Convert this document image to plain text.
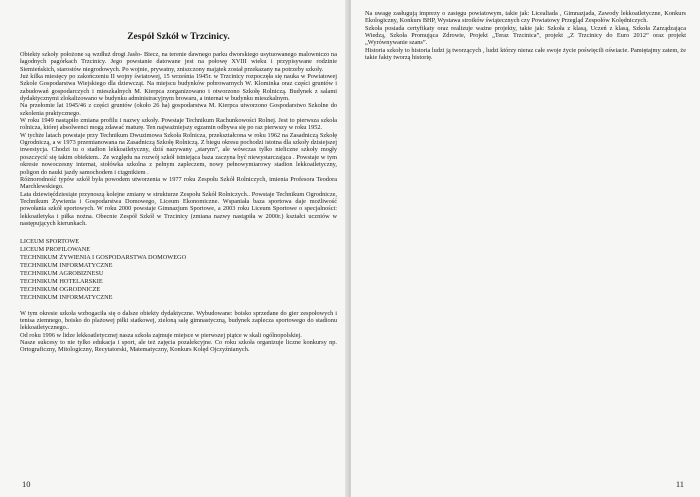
Zespół Szkół w Trzcinicy.

Obiekty szkoły położone są wzdłuż drogi Jasło- Biecz, na terenie dawnego parku dworskiego usytuowanego malowniczo na łagodnych pagórkach Trzcinicy. Jego powstanie datowane jest na połowę XVIII wieku i przypisywane rodzinie Siemieńskich, starostów niegrodowych. Po wojnie, prywatny, zniszczony majątek został przekazany na potrzeby szkoły.

Już kilka miesięcy po zakończeniu II wojny światowej, 15 września 1945r. w Trzcinicy rozpoczęła się nauka w Powiatowej Szkole Gospodarstwa Wiejskiego dla dziewcząt. Na miejscu budynków pobrowarnych W. Klominka oraz części gruntów i zabudowań gospodarczych i mieszkalnych M. Kierpca zorganizowano i otworzono Szkołę Rolniczą. Budynek z salami dydaktycznymi zlokalizowano w budynku administracyjnym browaru, a internat w budynku mieszkalnym.

Na przełomie lat 1945/46 z części gruntów (około 26 ha) gospodarstwa M. Kierpca utworzono Gospodarstwo Szkolne do szkolenia praktycznego.

W roku 1949 nastąpiło zmiana profilu i nazwy szkoły. Powstaje Technikum Rachunkowości Rolnej. Jest to pierwsza szkoła rolnicza, której absolwenci mogą zdawać maturę. Ten najważniejszy egzamin odbywa się po raz pierwszy w roku 1952.

W tychże latach powstaje przy Technikum Dwuzimowa Szkoła Rolnicza, przekształcona w roku 1962 na Zasadniczą Szkołę Ogrodniczą, a w 1973 przemianowana na Zasadniczą Szkołę Rolniczą. Z biegu okresu pochodzi istotna dla szkoły dzisiejszej inwestycja. Chodzi tu o stadion lekkoatletyczny, dziś nazywany „starym”, ale wówczas tylko nieliczne szkoły mogły poszczycić się takim obiektem.. Ze względu na rozwój szkół istniejąca baza zaczyna być niewystarczająca . Powstaje w tym okresie nowoczesny internat, stołówka szkolna z pełnym zapleczem, nowy pełnowymiarowy stadion lekkoatletyczny, poligon do nauki jazdy samochodem i ciągnikiem .

Różnorodność typów szkół była powodem utworzenia w 1977 roku Zespołu Szkół Rolniczych, imienia Profesora Teodora Marchlewskiego.

Lata dziewięćdziesiąte przynoszą kolejne zmiany w strukturze Zespołu Szkół Rolniczych.. Powstaje Technikum Ogrodnicze, Technikum Żywienia i Gospodarstwa Domowego, Liceum Ekonomiczne. Wspaniała baza sportowa daje możliwość powołania szkół sportowych. W roku 2000 powstaje Gimnazjum Sportowe, a 2003 roku Liceum Sportowe o specjalności: lekkoatletyka i piłka nożna. Obecnie Zespół Szkół w Trzcinicy (zmiana nazwy nastąpiła w 2000r.) kształci uczniów w następujących kierunkach.

LICEUM SPORTOWE
LICEUM PROFILOWANE
TECHNIKUM ŻYWIENIA I GOSPODARSTWA DOMOWEGO
TECHNIKUM INFORMATYCZNE
TECHNIKUM AGROBIZNESU
TECHNIKUM HOTELARSKIE
TECHNIKUM OGRODNICZE
TECHNIKUM INFORMATYCZNE

W tym okresie szkoła wzbogaciła się o dalsze obiekty dydaktyczne. Wybudowane: boisko sprzedane do gier zespołowych i tenisa ziemnego, boisko do plażowej piłki siatkowej, zieloną salę gimnastyczną, budynek zaplecza sportowego do stadionu lekkoatletycznego..

Od roku 1996 w lidze lekkoatletycznej nasza szkoła zajmuje miejsce w pierwszej piątce w skali ogólnopolskiej.

Nasze sukcesy to nie tylko edukacja i sport, ale też zajęcia pozalekcyjne. Co roku szkoła organizuje liczne konkursy np. Ortograficzny, Mitologiczny, Recytatorski, Matematyczny, Konkurs Kolęd Ojczyźnianych.

10

Na uwagę zasługują imprezy o zasięgu powiatowym, takie jak: Licealiada , Gimnazjada, Zawody lekkoatletyczne, Konkurs Ekologiczny, Konkurs BHP, Wystawa stroików świątecznych czy Powiatowy Przegląd Zespołów Kolędniczych.

Szkoła posiada certyfikaty oraz realizuje ważne projekty, takie jak: Szkoła z klasą, Uczeń z klasą, Szkoła Zarządzająca Wiedzą, Szkoła Promująca Zdrowie, Projekt „Teraz Trzcinica”, projekt „Z Trzcinicy do Euro 2012” oraz projekt „Wyrównywanie szans”.

Historia szkoły to historia ludzi ją tworzących , ludzi którzy nieraz całe swoje życie poświęcili oświacie. Pamiętajmy zatem, że takie fakty tworzą historię.

11
